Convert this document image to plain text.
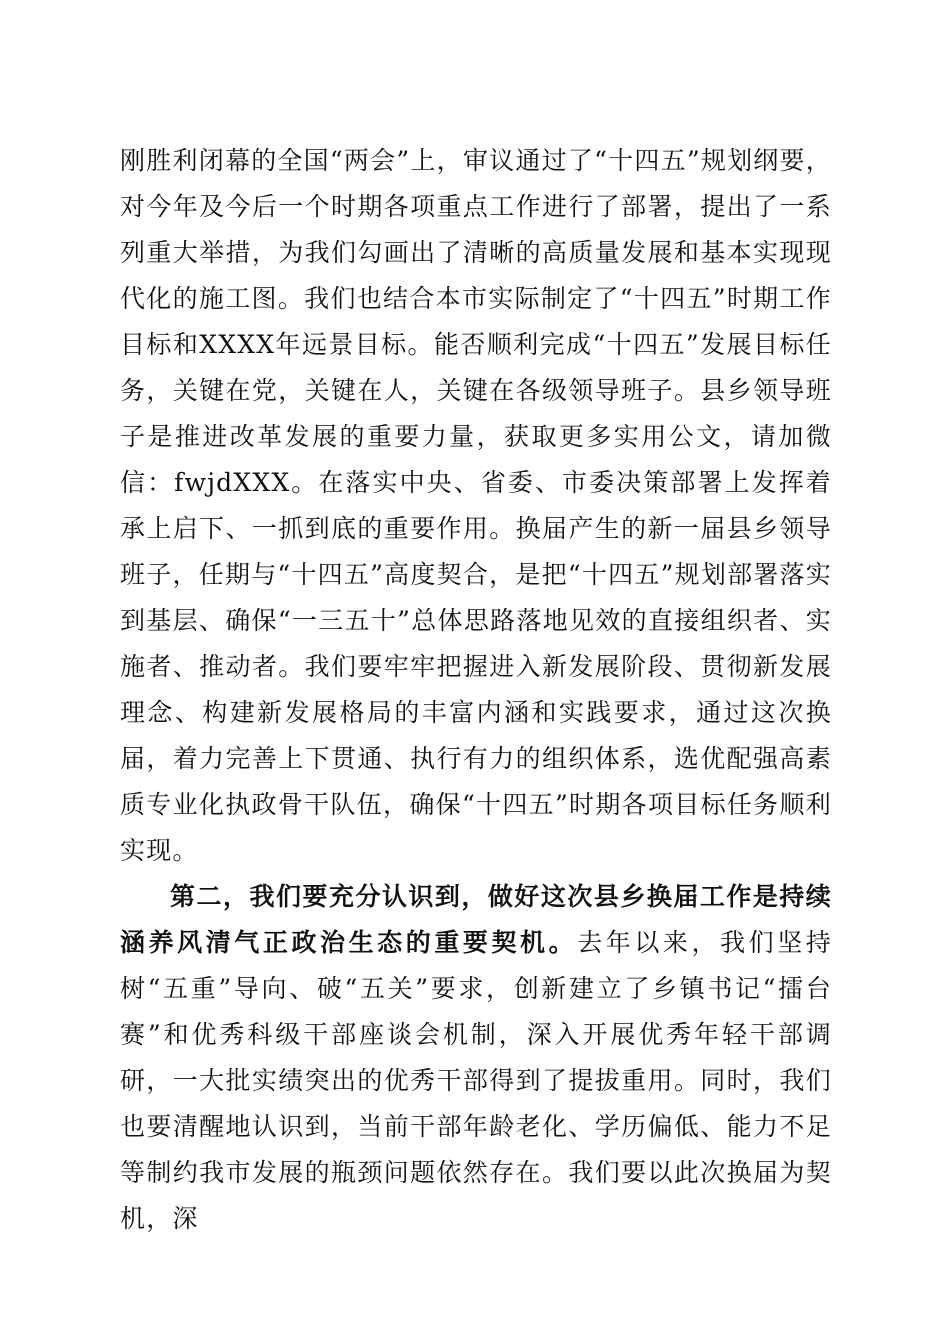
刚胜利闭幕的全国“两会”上，审议通过了“十四五”规划纲要，对今年及今后一个时期各项重点工作进行了部署，提出了一系列重大举措，为我们勾画出了清晰的高质量发展和基本实现现代化的施工图。我们也结合本市实际制定了“十四五”时期工作目标和XXXX年远景目标。能否顺利完成“十四五”发展目标任务，关键在党，关键在人，关键在各级领导班子。县乡领导班子是推进改革发展的重要力量，获取更多实用公文，请加微信：fwjdXXX。在落实中央、省委、市委决策部署上发挥着承上启下、一抓到底的重要作用。换届产生的新一届县乡领导班子，任期与“十四五”高度契合，是把“十四五”规划部署落实到基层、确保“一三五十”总体思路落地见效的直接组织者、实施者、推动者。我们要牢牢把握进入新发展阶段、贯彻新发展理念、构建新发展格局的丰富内涵和实践要求，通过这次换届，着力完善上下贯通、执行有力的组织体系，选优配强高素质专业化执政骨干队伍，确保“十四五”时期各项目标任务顺利实现。

第二，我们要充分认识到，做好这次县乡换届工作是持续涵养风清气正政治生态的重要契机。去年以来，我们坚持树“五重”导向、破“五关”要求，创新建立了乡镇书记“擂台赛”和优秀科级干部座谈会机制，深入开展优秀年轻干部调研，一大批实绩突出的优秀干部得到了提拔重用。同时，我们也要清醒地认识到，当前干部年龄老化、学历偏低、能力不足等制约我市发展的瓶颈问题依然存在。我们要以此次换届为契机，深
